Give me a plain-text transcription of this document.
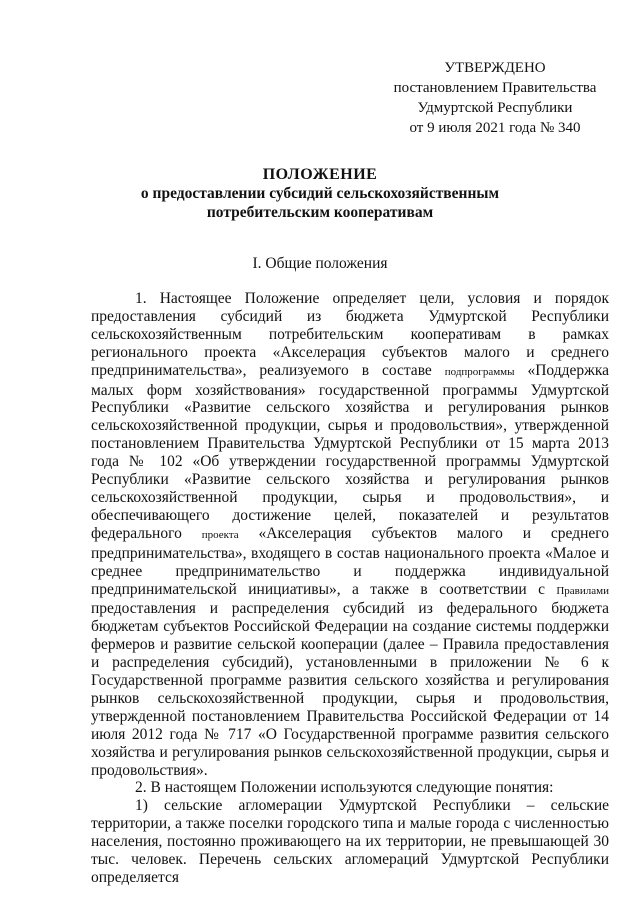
УТВЕРЖДЕНО
постановлением Правительства
Удмуртской Республики
от 9 июля 2021 года № 340
ПОЛОЖЕНИЕ
о предоставлении субсидий сельскохозяйственным
потребительским кооперативам
I. Общие положения

1. Настоящее Положение определяет цели, условия и порядок предоставления субсидий из бюджета Удмуртской Республики сельскохозяйственным потребительским кооперативам в рамках регионального проекта «Акселерация субъектов малого и среднего предпринимательства», реализуемого в составе подпрограммы «Поддержка малых форм хозяйствования» государственной программы Удмуртской Республики «Развитие сельского хозяйства и регулирования рынков сельскохозяйственной продукции, сырья и продовольствия», утвержденной постановлением Правительства Удмуртской Республики от 15 марта 2013 года № 102 «Об утверждении государственной программы Удмуртской Республики «Развитие сельского хозяйства и регулирования рынков сельскохозяйственной продукции, сырья и продовольствия», и обеспечивающего достижение целей, показателей и результатов федерального проекта «Акселерация субъектов малого и среднего предпринимательства», входящего в состав национального проекта «Малое и среднее предпринимательство и поддержка индивидуальной предпринимательской инициативы», а также в соответствии с Правилами предоставления и распределения субсидий из федерального бюджета бюджетам субъектов Российской Федерации на создание системы поддержки фермеров и развитие сельской кооперации (далее – Правила предоставления и распределения субсидий), установленными в приложении № 6 к Государственной программе развития сельского хозяйства и регулирования рынков сельскохозяйственной продукции, сырья и продовольствия, утвержденной постановлением Правительства Российской Федерации от 14 июля 2012 года № 717 «О Государственной программе развития сельского хозяйства и регулирования рынков сельскохозяйственной продукции, сырья и продовольствия».

2. В настоящем Положении используются следующие понятия:

1) сельские агломерации Удмуртской Республики – сельские территории, а также поселки городского типа и малые города с численностью населения, постоянно проживающего на их территории, не превышающей 30 тыс. человек. Перечень сельских агломераций Удмуртской Республики определяется
